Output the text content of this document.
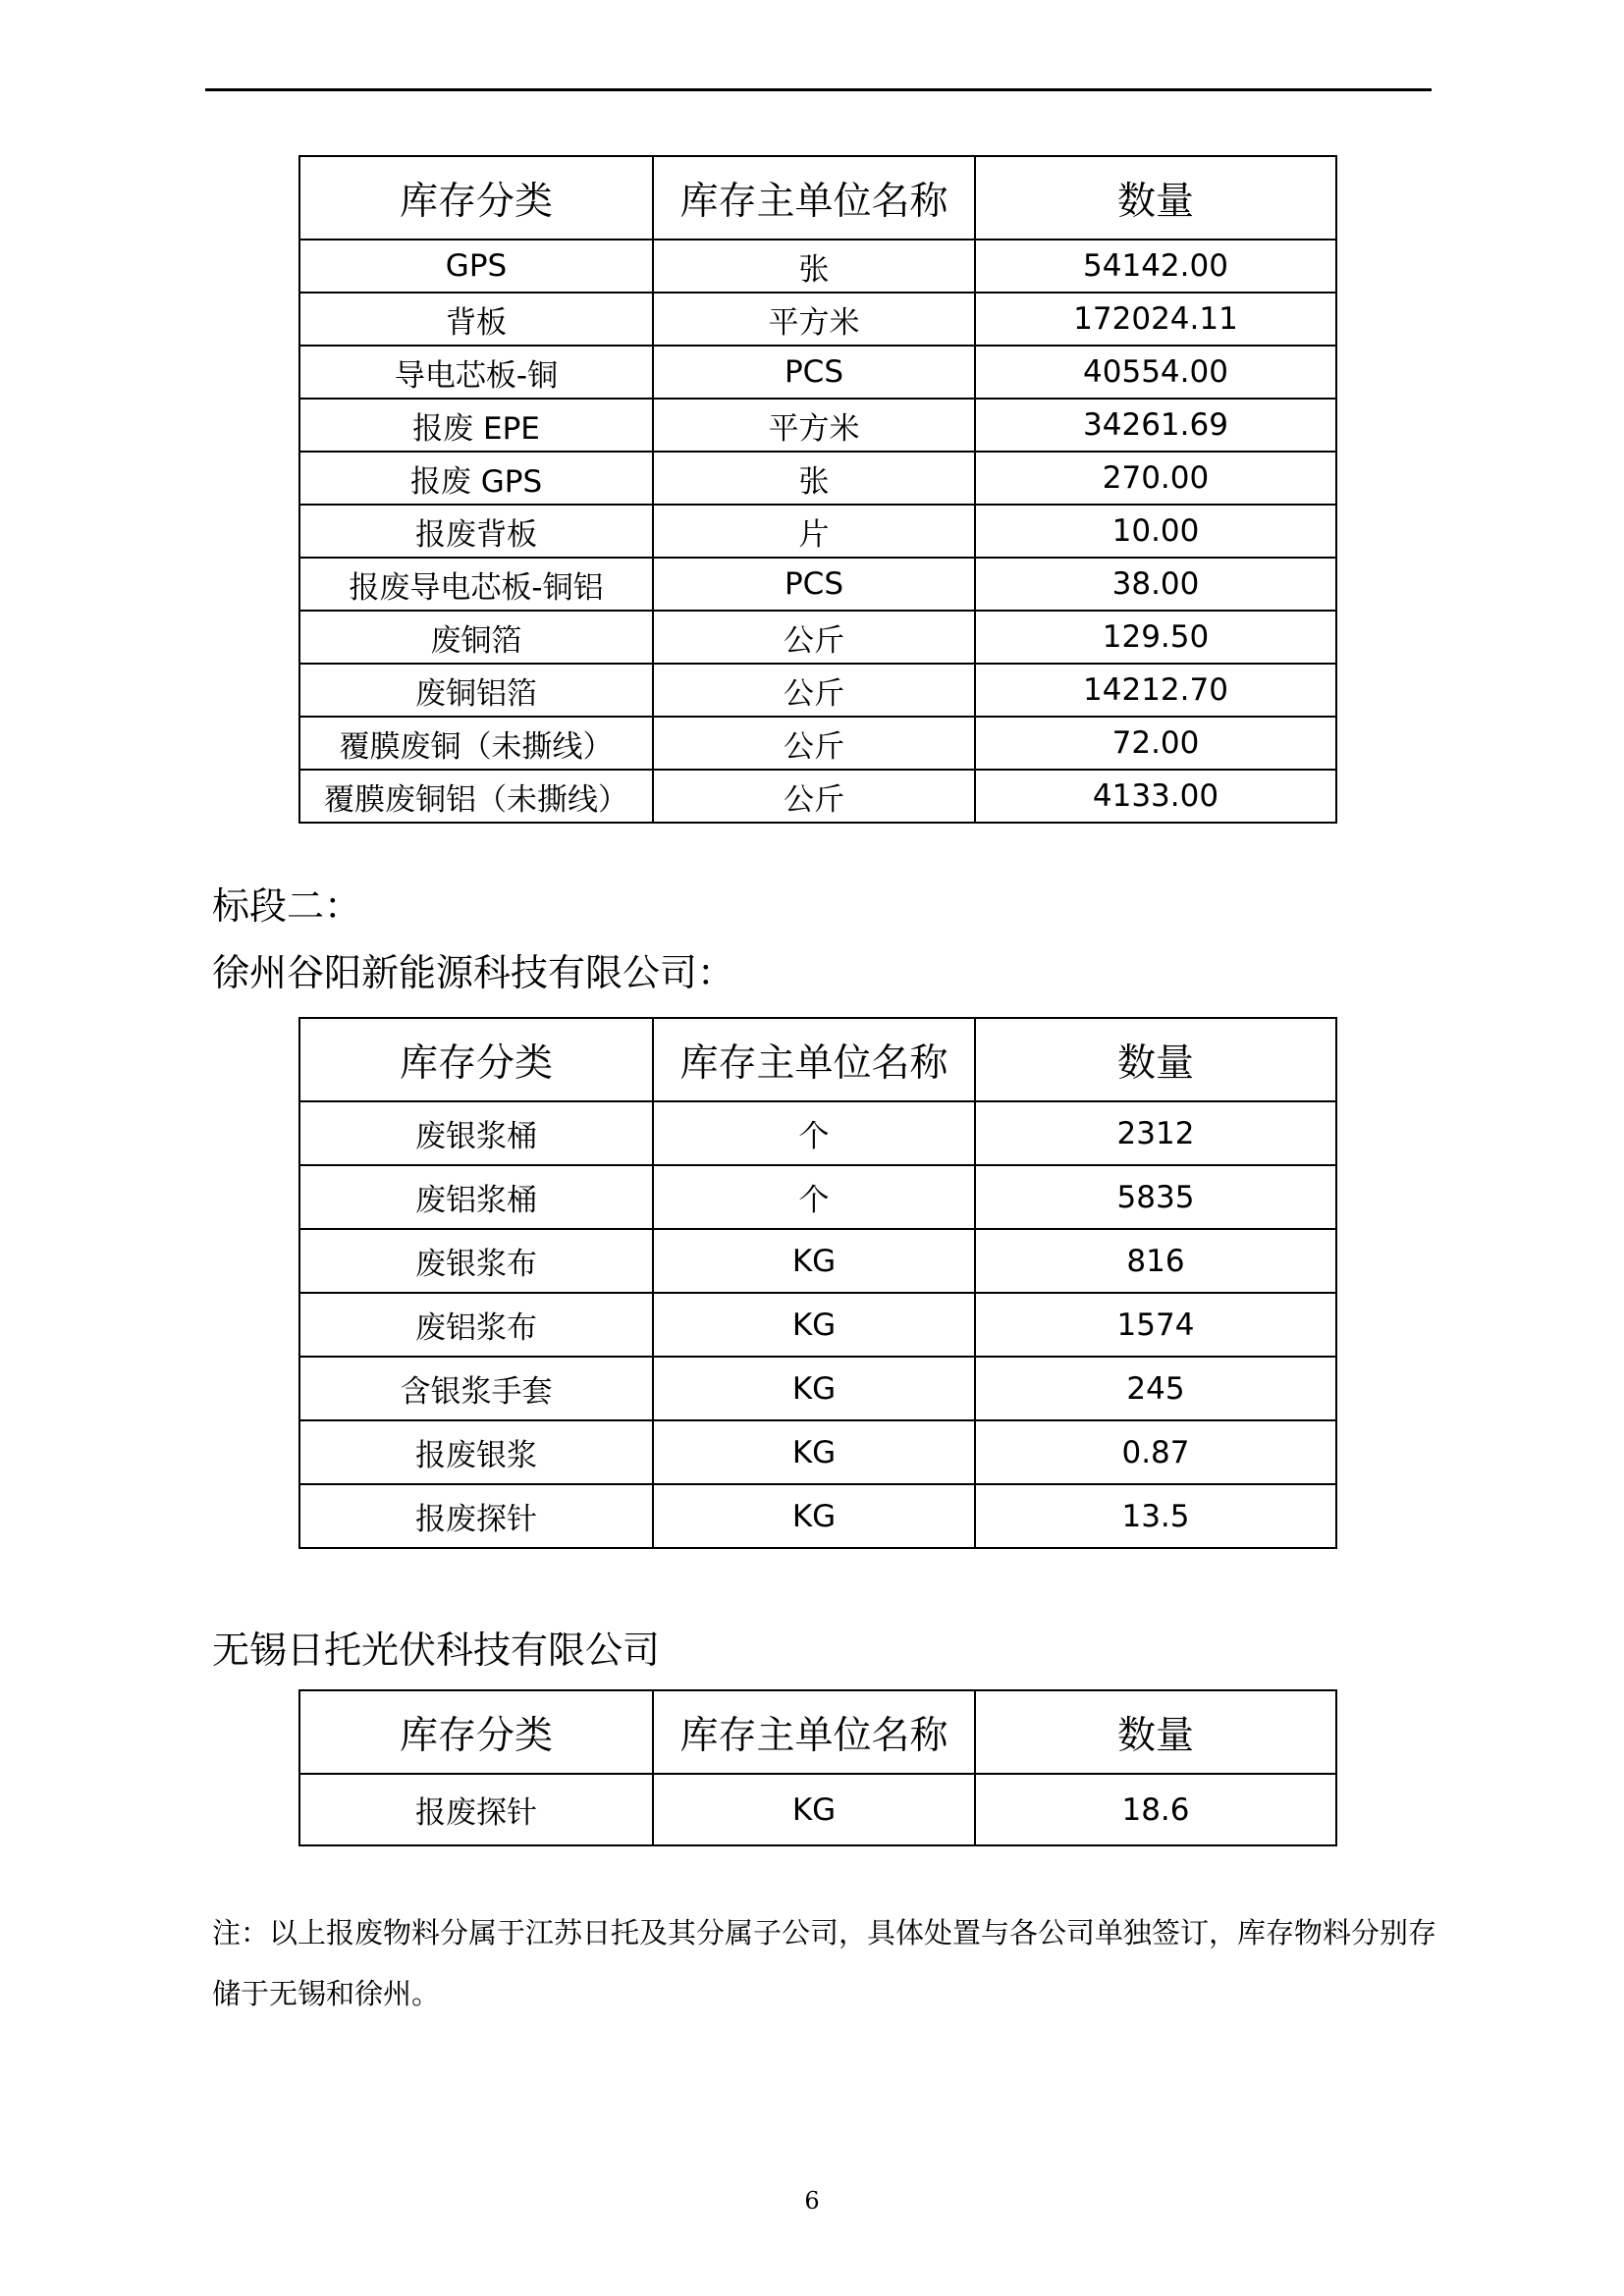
库存分类	库存主单位名称	数量
GPS	张	54142.00
背板	平方米	172024.11
导电芯板-铜	PCS	40554.00
报废 EPE	平方米	34261.69
报废 GPS	张	270.00
报废背板	片	10.00
报废导电芯板-铜铝	PCS	38.00
废铜箔	公斤	129.50
废铜铝箔	公斤	14212.70
覆膜废铜（未撕线）	公斤	72.00
覆膜废铜铝（未撕线）	公斤	4133.00
标段二：
徐州谷阳新能源科技有限公司：
库存分类	库存主单位名称	数量
废银浆桶	个	2312
废铝浆桶	个	5835
废银浆布	KG	816
废铝浆布	KG	1574
含银浆手套	KG	245
报废银浆	KG	0.87
报废探针	KG	13.5
无锡日托光伏科技有限公司
库存分类	库存主单位名称	数量
报废探针	KG	18.6
注：以上报废物料分属于江苏日托及其分属子公司，具体处置与各公司单独签订，库存物料分别存储于无锡和徐州。
6
